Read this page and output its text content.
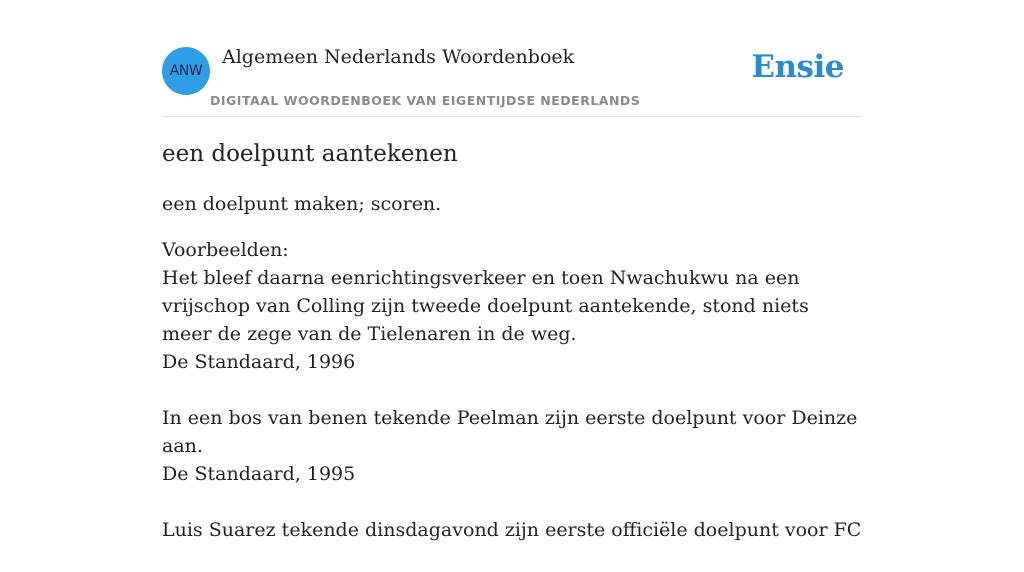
ANW
Algemeen Nederlands Woordenboek
DIGITAAL WOORDENBOEK VAN EIGENTIJDSE NEDERLANDS
Ensie
een doelpunt aantekenen

een doelpunt maken; scoren.

Voorbeelden:
Het bleef daarna eenrichtingsverkeer en toen Nwachukwu na een vrijschop van Colling zijn tweede doelpunt aantekende, stond niets meer de zege van de Tielenaren in de weg.
De Standaard, 1996
In een bos van benen tekende Peelman zijn eerste doelpunt voor Deinze aan.
De Standaard, 1995
Luis Suarez tekende dinsdagavond zijn eerste officiële doelpunt voor FC
